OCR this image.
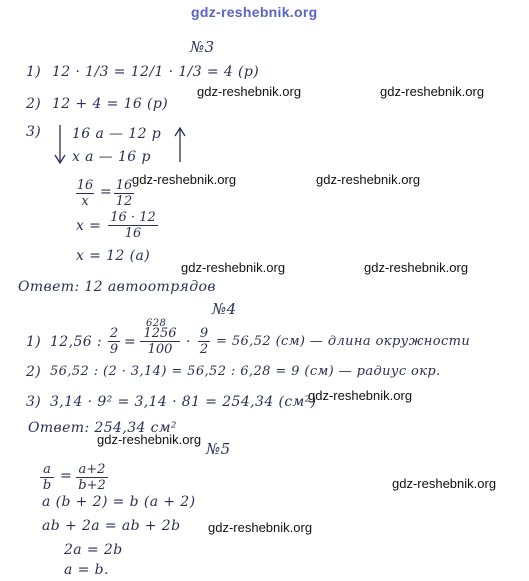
gdz-reshebnik.org
№3
1) 12 · 1/3 = 12/1 · 1/3 = 4 (р)
2) 12 + 4 = 16 (р)
3) 16 а — 12 р
x а — 16 р
16
x
= 16
12
x =
16 · 12
16
x = 12 (а)
Ответ: 12 автоотрядов
№4
1) 12,56 :
2
9 =
628
1256
100 ·
9
2
= 56,52 (см) — длина окружности
2) 56,52 : (2 · 3,14) = 56,52 : 6,28 = 9 (см) — радиус окр.
3) 3,14 · 9² = 3,14 · 81 = 254,34 (см²)
Ответ: 254,34 см²
№5
a
b
= a+2
b+2
a (b + 2) = b (a + 2)
ab + 2a = ab + 2b
2a = 2b
a = b.
gdz-reshebnik.org	gdz-reshebnik.org
gdz-reshebnik.org	gdz-reshebnik.org
gdz-reshebnik.org	gdz-reshebnik.org
gdz-reshebnik.org
gdz-reshebnik.org
gdz-reshebnik.org
gdz-reshebnik.org
